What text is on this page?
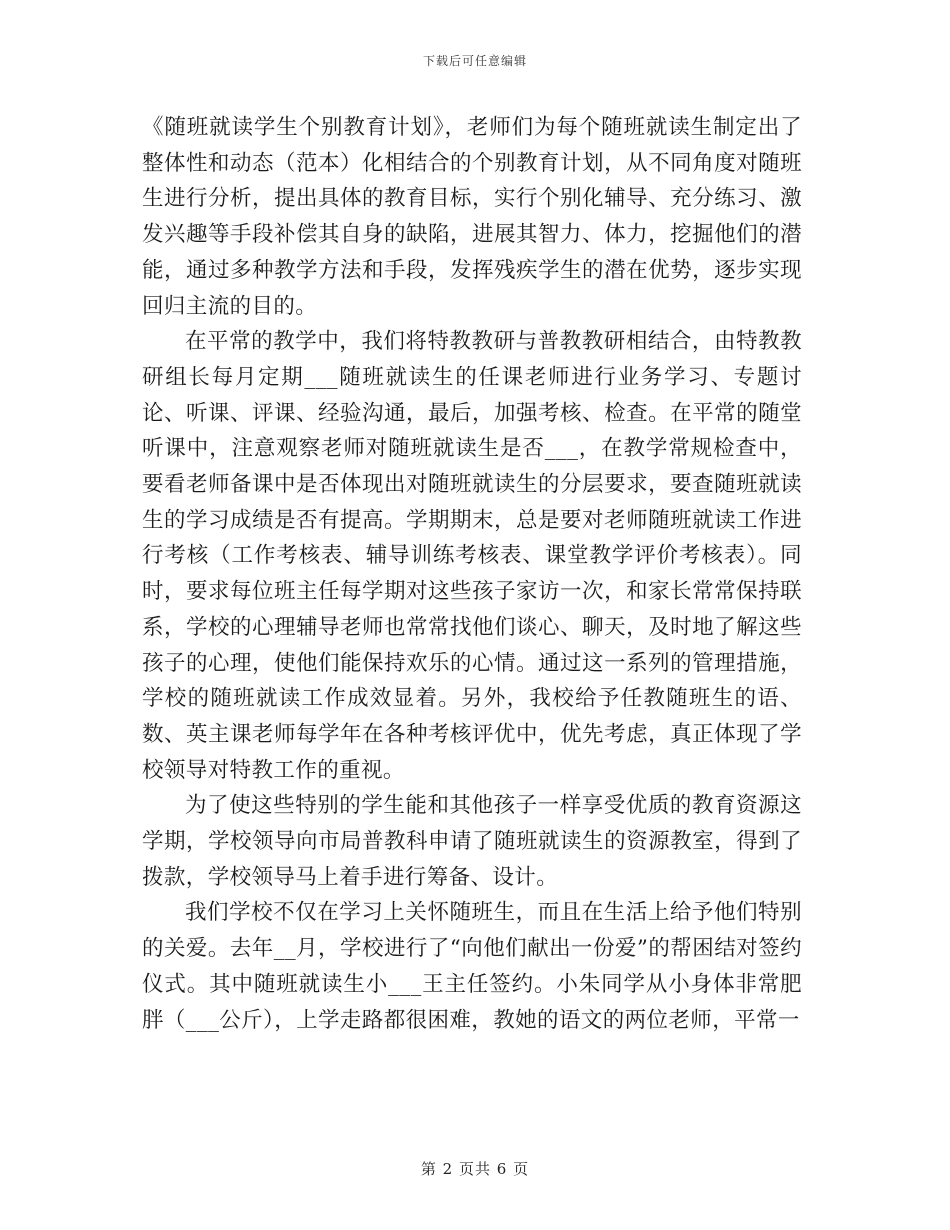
下载后可任意编辑

《随班就读学生个别教育计划》，老师们为每个随班就读生制定出了整体性和动态（范本）化相结合的个别教育计划，从不同角度对随班生进行分析，提出具体的教育目标，实行个别化辅导、充分练习、激发兴趣等手段补偿其自身的缺陷，进展其智力、体力，挖掘他们的潜能，通过多种教学方法和手段，发挥残疾学生的潜在优势，逐步实现回归主流的目的。

在平常的教学中，我们将特教教研与普教教研相结合，由特教教研组长每月定期___随班就读生的任课老师进行业务学习、专题讨论、听课、评课、经验沟通，最后，加强考核、检查。在平常的随堂听课中，注意观察老师对随班就读生是否___，在教学常规检查中，要看老师备课中是否体现出对随班就读生的分层要求，要查随班就读生的学习成绩是否有提高。学期期末，总是要对老师随班就读工作进行考核（工作考核表、辅导训练考核表、课堂教学评价考核表）。同时，要求每位班主任每学期对这些孩子家访一次，和家长常常保持联系，学校的心理辅导老师也常常找他们谈心、聊天，及时地了解这些孩子的心理，使他们能保持欢乐的心情。通过这一系列的管理措施，学校的随班就读工作成效显着。另外，我校给予任教随班生的语、数、英主课老师每学年在各种考核评优中，优先考虑，真正体现了学校领导对特教工作的重视。

为了使这些特别的学生能和其他孩子一样享受优质的教育资源这学期，学校领导向市局普教科申请了随班就读生的资源教室，得到了拨款，学校领导马上着手进行筹备、设计。

我们学校不仅在学习上关怀随班生，而且在生活上给予他们特别的关爱。去年__月，学校进行了“向他们献出一份爱”的帮困结对签约仪式。其中随班就读生小___王主任签约。小朱同学从小身体非常肥胖（___公斤），上学走路都很困难，教她的语文的两位老师，平常一

第 2 页共 6 页
